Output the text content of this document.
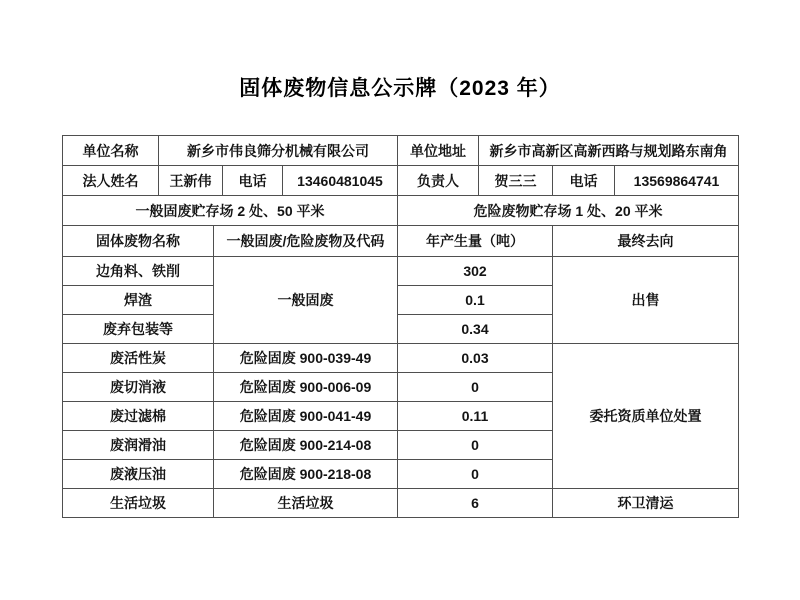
固体废物信息公示牌（2023 年）
单位名称	新乡市伟良筛分机械有限公司				单位地址	新乡市高新区高新西路与规划路东南角		
法人姓名	王新伟		电话	13460481045	负责人	贺三三	电话	13569864741
一般固废贮存场 2 处、50 平米					危险废物贮存场 1 处、20 平米			
固体废物名称		一般固废/危险废物及代码			年产生量（吨）		最终去向	
边角料、铁削		一般固废			302		出售	
焊渣					0.1			
废弃包装等					0.34			
废活性炭		危险固废 900-039-49			0.03		委托资质单位处置	
废切消液		危险固废 900-006-09			0			
废过滤棉		危险固废 900-041-49			0.11			
废润滑油		危险固废 900-214-08			0			
废液压油		危险固废 900-218-08			0			
生活垃圾		生活垃圾			6		环卫清运	
